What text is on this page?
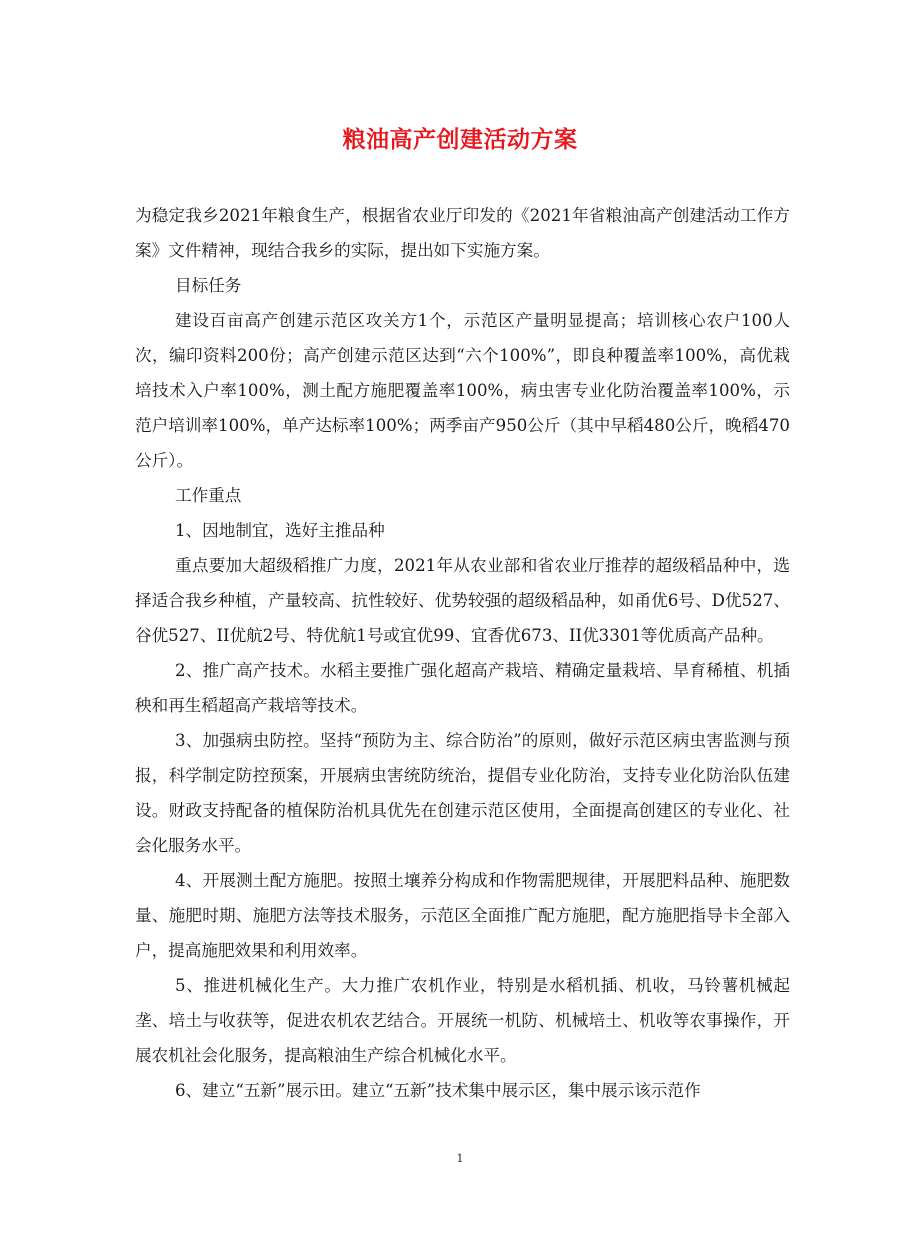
粮油高产创建活动方案

为稳定我乡2021年粮食生产，根据省农业厅印发的《2021年省粮油高产创建活动工作方案》文件精神，现结合我乡的实际，提出如下实施方案。

目标任务

建设百亩高产创建示范区攻关方1个，示范区产量明显提高；培训核心农户100人次，编印资料200份；高产创建示范区达到“六个100%”，即良种覆盖率100%，高优栽培技术入户率100%，测土配方施肥覆盖率100%，病虫害专业化防治覆盖率100%，示范户培训率100%，单产达标率100%；两季亩产950公斤（其中早稻480公斤，晚稻470公斤）。

工作重点

1、因地制宜，选好主推品种

重点要加大超级稻推广力度，2021年从农业部和省农业厅推荐的超级稻品种中，选择适合我乡种植，产量较高、抗性较好、优势较强的超级稻品种，如甬优6号、D优527、谷优527、II优航2号、特优航1号或宜优99、宜香优673、II优3301等优质高产品种。

2、推广高产技术。水稻主要推广强化超高产栽培、精确定量栽培、旱育稀植、机插秧和再生稻超高产栽培等技术。

3、加强病虫防控。坚持“预防为主、综合防治”的原则，做好示范区病虫害监测与预报，科学制定防控预案，开展病虫害统防统治，提倡专业化防治，支持专业化防治队伍建设。财政支持配备的植保防治机具优先在创建示范区使用，全面提高创建区的专业化、社会化服务水平。

4、开展测土配方施肥。按照土壤养分构成和作物需肥规律，开展肥料品种、施肥数量、施肥时期、施肥方法等技术服务，示范区全面推广配方施肥，配方施肥指导卡全部入户，提高施肥效果和利用效率。

5、推进机械化生产。大力推广农机作业，特别是水稻机插、机收，马铃薯机械起垄、培土与收获等，促进农机农艺结合。开展统一机防、机械培土、机收等农事操作，开展农机社会化服务，提高粮油生产综合机械化水平。

6、建立“五新”展示田。建立“五新”技术集中展示区，集中展示该示范作

1
